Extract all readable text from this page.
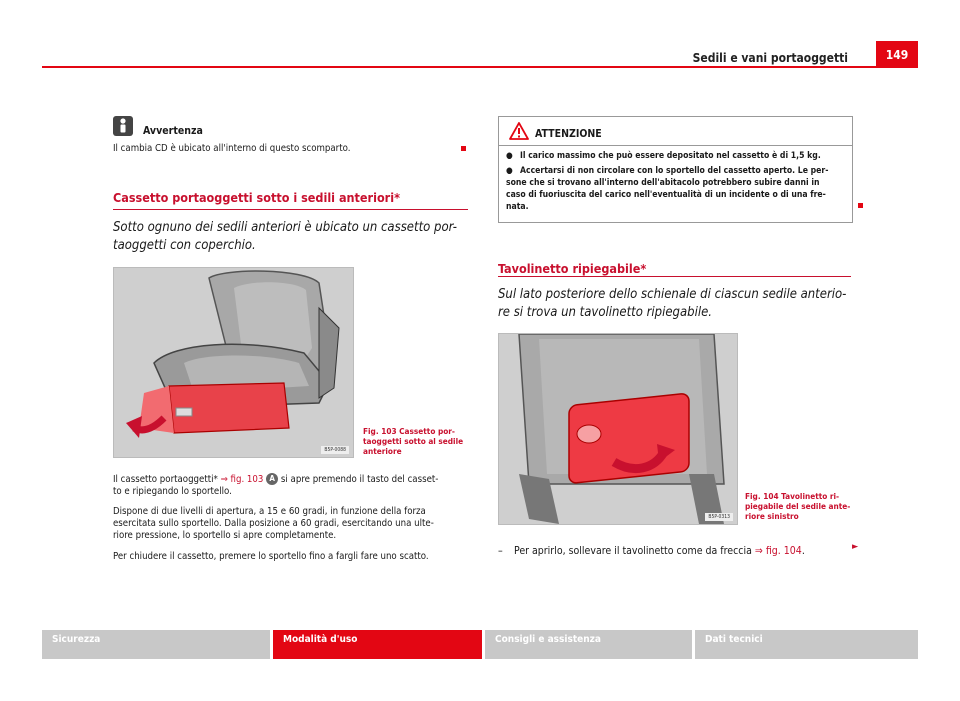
Sedili e vani portaoggetti	149
Avvertenza
Il cambia CD è ubicato all'interno di questo scomparto.
Cassetto portaoggetti sotto i sedili anteriori*
Sotto ognuno dei sedili anteriori è ubicato un cassetto por-
taoggetti con coperchio.
B5P-0088
Fig. 103 Cassetto por-
taoggetti sotto al sedile
anteriore
Il cassetto portaoggetti* ⇒ fig. 103 A si apre premendo il tasto del casset-
to e ripiegando lo sportello.
Dispone di due livelli di apertura, a 15 e 60 gradi, in funzione della forza
esercitata sullo sportello. Dalla posizione a 60 gradi, esercitando una ulte-
riore pressione, lo sportello si apre completamente.
Per chiudere il cassetto, premere lo sportello fino a fargli fare uno scatto.
ATTENZIONE
● Il carico massimo che può essere depositato nel cassetto è di 1,5 kg.
● Accertarsi di non circolare con lo sportello del cassetto aperto. Le per-
sone che si trovano all'interno dell'abitacolo potrebbero subire danni in
caso di fuoriuscita del carico nell'eventualità di un incidente o di una fre-
nata.
Tavolinetto ripiegabile*
Sul lato posteriore dello schienale di ciascun sedile anterio-
re si trova un tavolinetto ripiegabile.
B5P-0313
Fig. 104 Tavolinetto ri-
piegabile del sedile ante-
riore sinistro
– Per aprirlo, sollevare il tavolinetto come da freccia ⇒ fig. 104.	►
Sicurezza	Modalità d'uso	Consigli e assistenza	Dati tecnici
